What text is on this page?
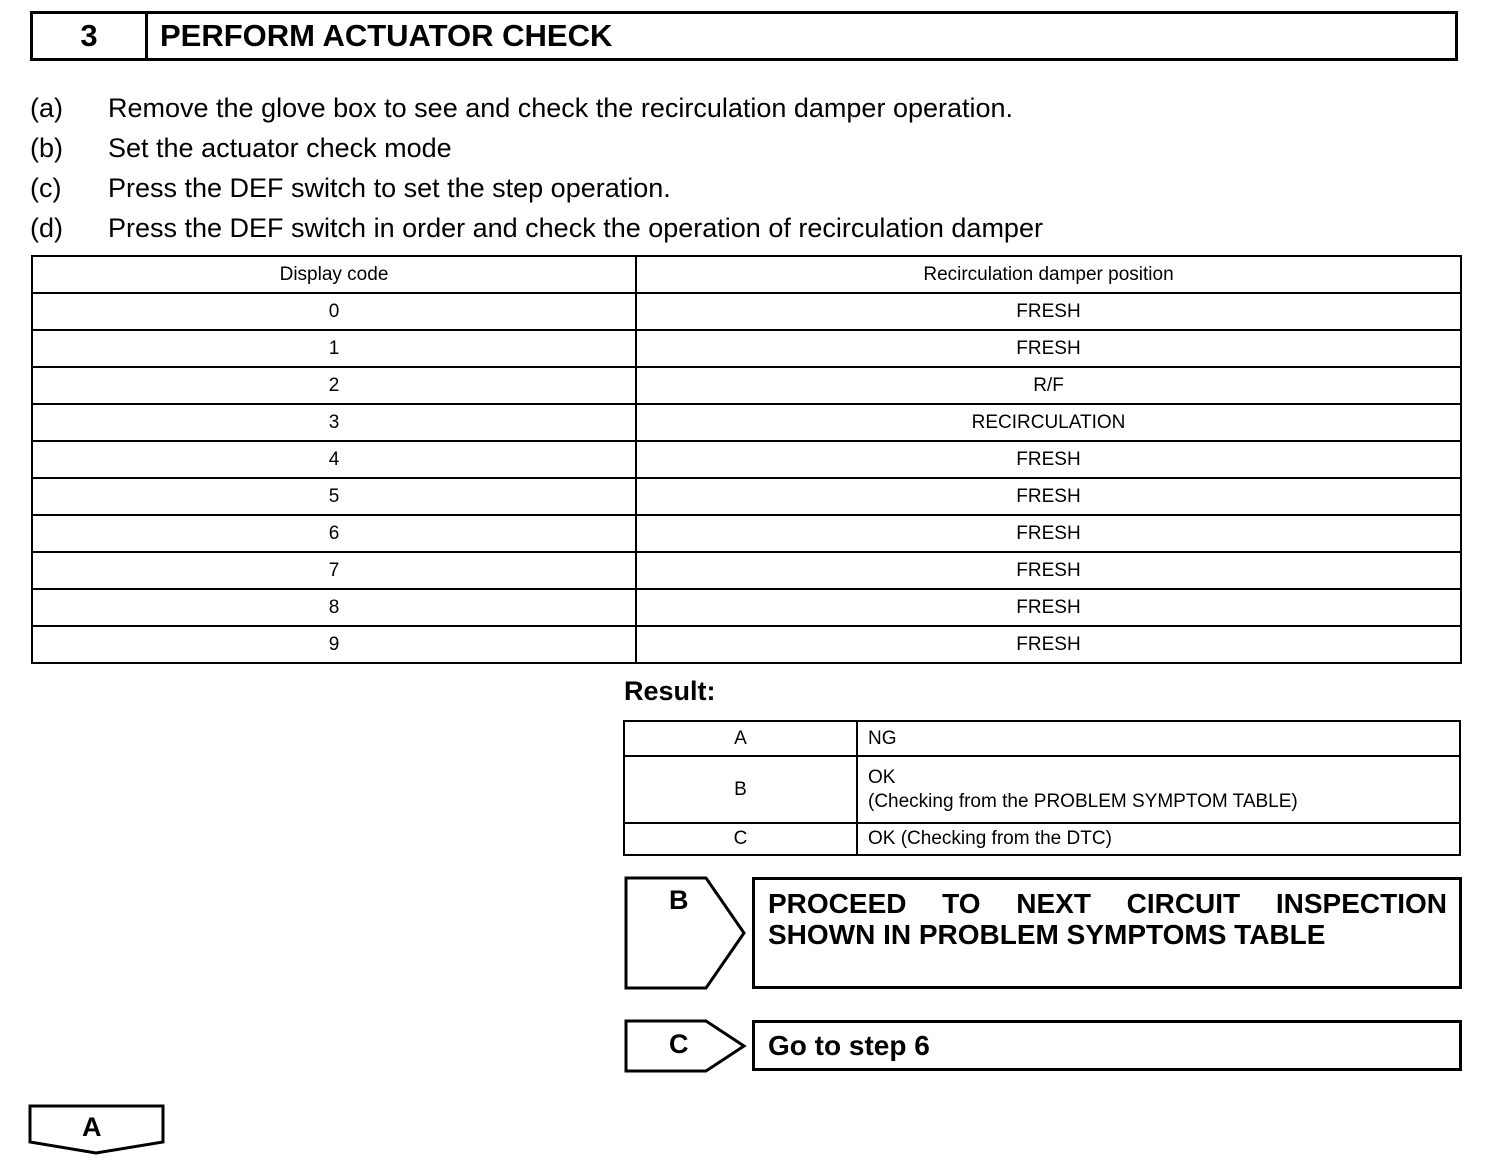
3	PERFORM ACTUATOR CHECK
(a)	Remove the glove box to see and check the recirculation damper operation.
(b)	Set the actuator check mode
(c)	Press the DEF switch to set the step operation.
(d)	Press the DEF switch in order and check the operation of recirculation damper
Display code	Recirculation damper position
0	FRESH
1	FRESH
2	R/F
3	RECIRCULATION
4	FRESH
5	FRESH
6	FRESH
7	FRESH
8	FRESH
9	FRESH
Result:
A	NG
B	OK
(Checking from the PROBLEM SYMPTOM TABLE)

C	OK (Checking from the DTC)
B	PROCEED TO NEXT CIRCUIT INSPECTION
SHOWN IN PROBLEM SYMPTOMS TABLE
C	Go to step 6
A
